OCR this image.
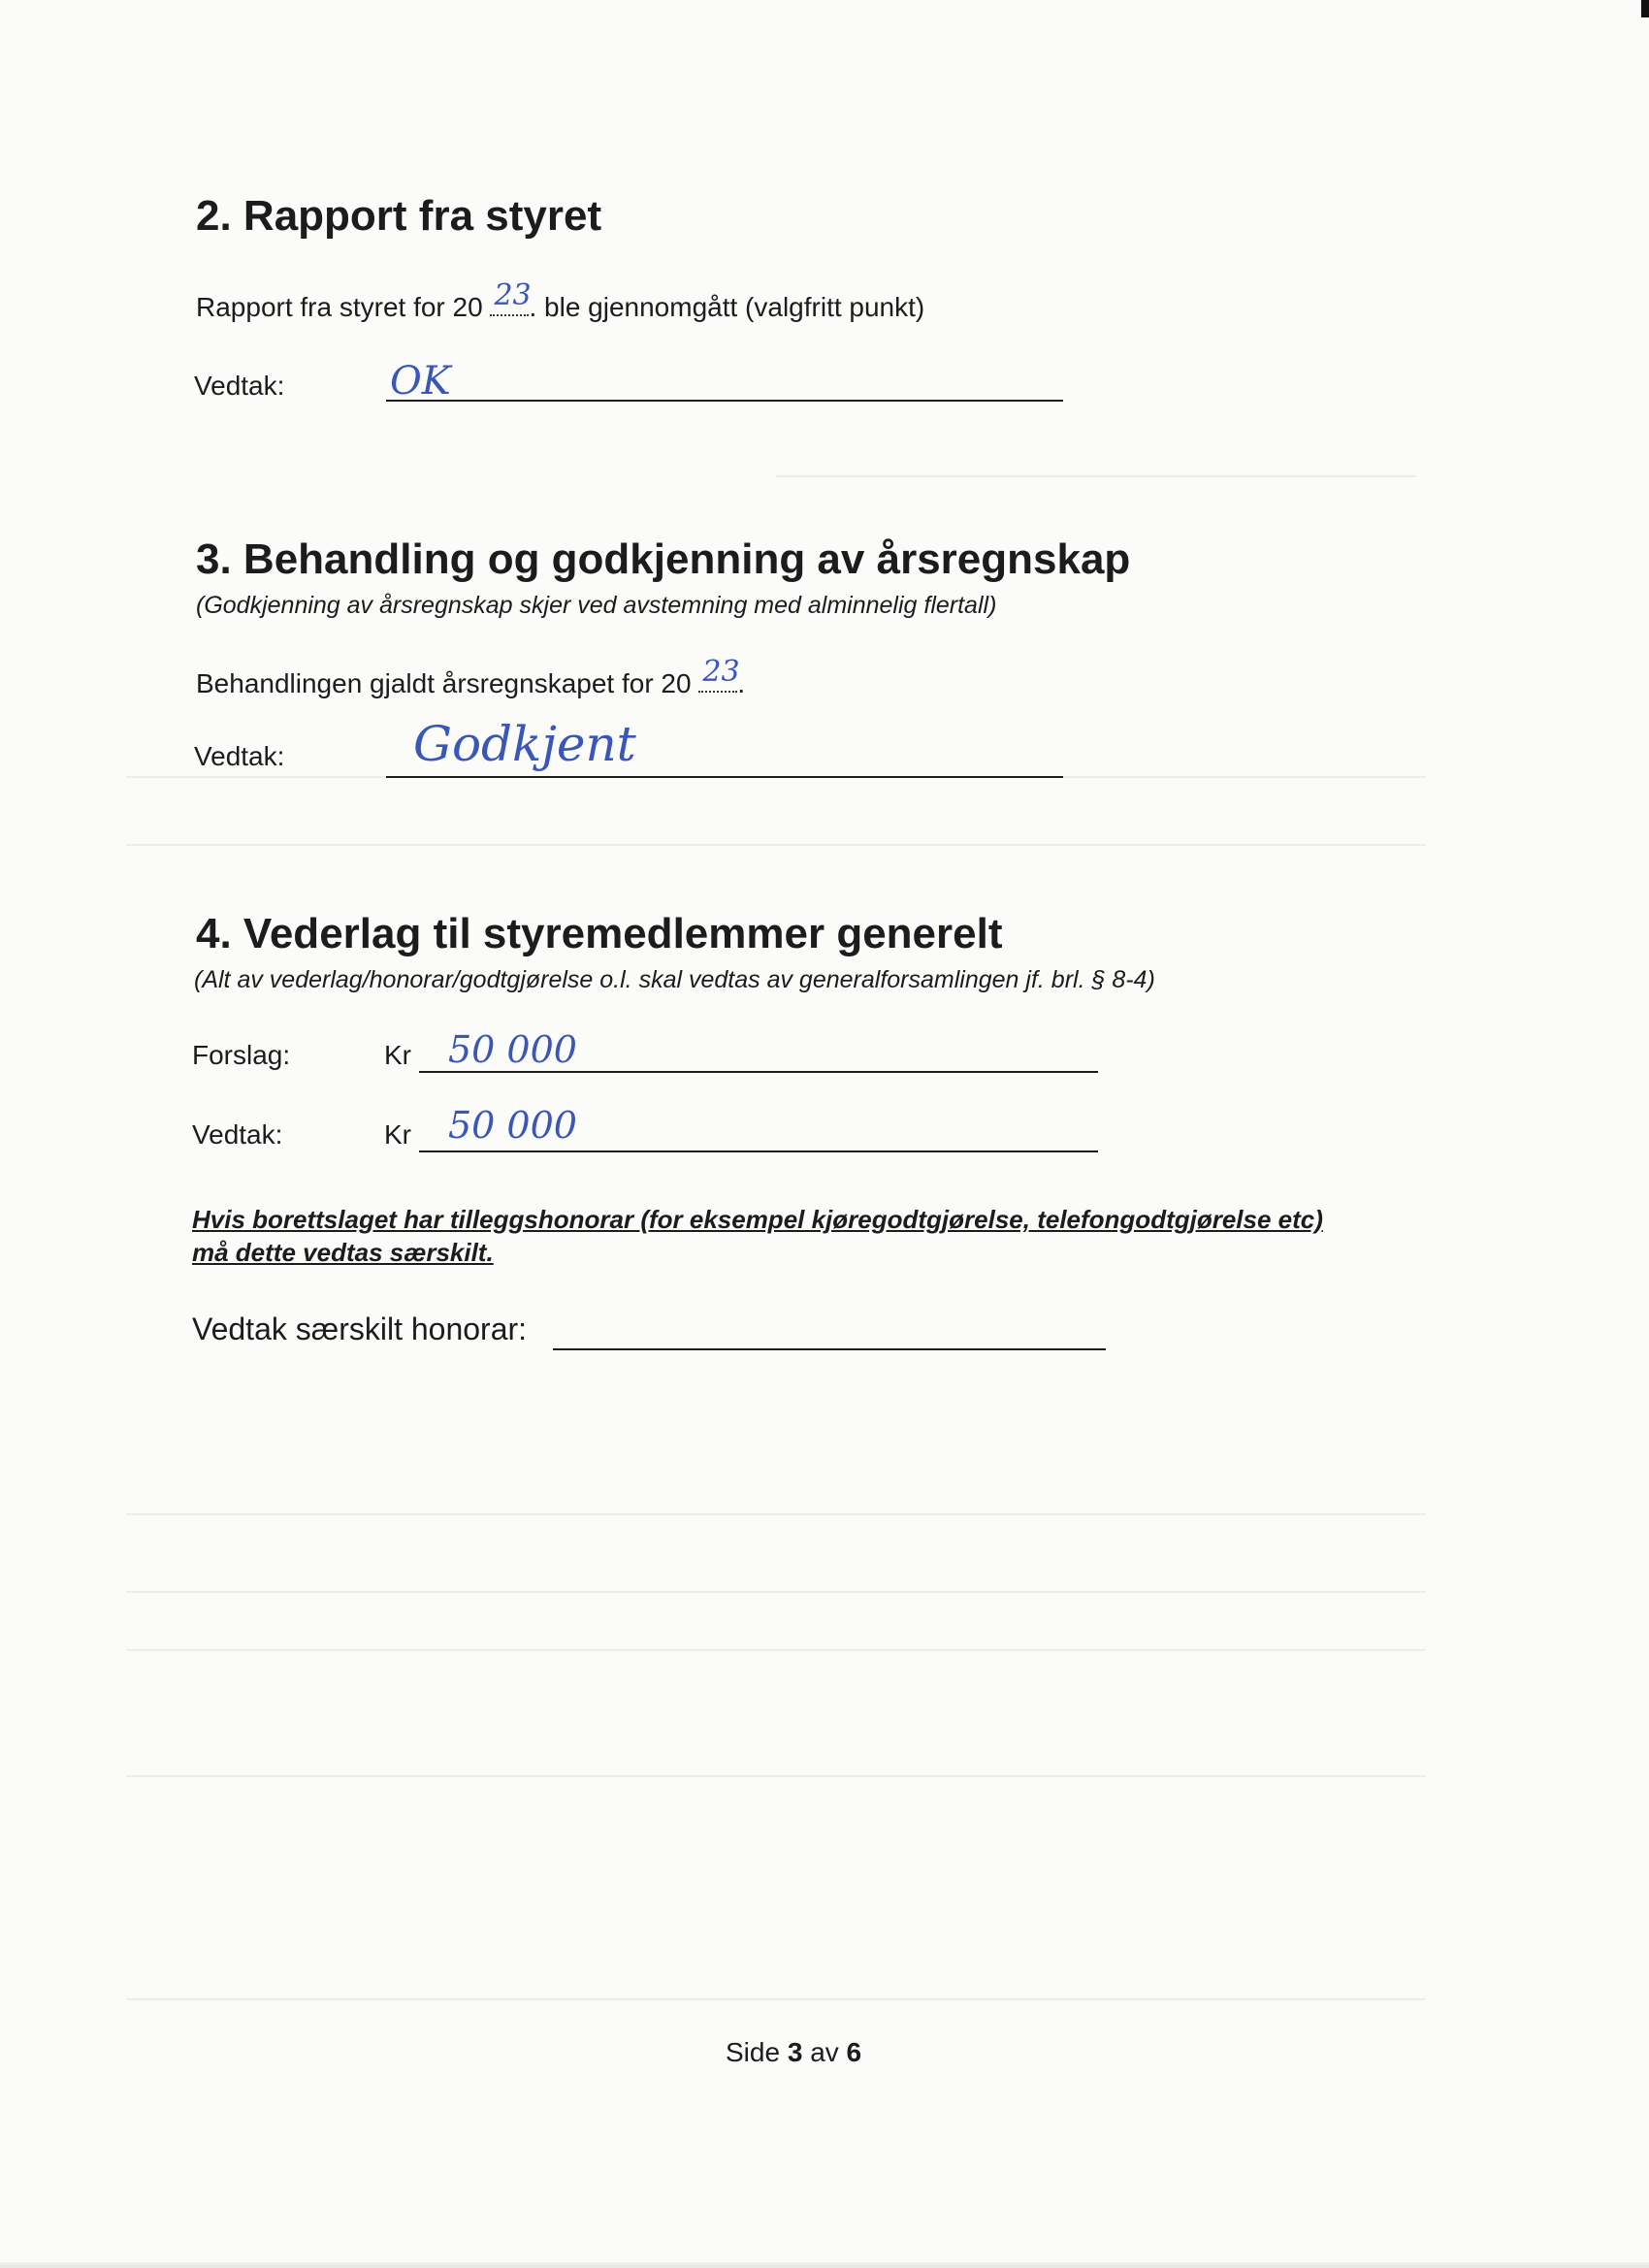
2. Rapport fra styret
Rapport fra styret for 20 23
. ble gjennomgått (valgfritt punkt)
Vedtak:	OK
3. Behandling og godkjenning av årsregnskap
(Godkjenning av årsregnskap skjer ved avstemning med alminnelig flertall)
Behandlingen gjaldt årsregnskapet for 20 23
.
Vedtak:	Godkjent
4. Vederlag til styremedlemmer generelt
(Alt av vederlag/honorar/godtgjørelse o.l. skal vedtas av generalforsamlingen jf. brl. § 8-4)
Forslag:	Kr 50 000
Vedtak:	Kr 50 000
Hvis borettslaget har tilleggshonorar (for eksempel kjøregodtgjørelse, telefongodtgjørelse etc)
må dette vedtas særskilt.
Vedtak særskilt honorar:
Side 3 av 6
